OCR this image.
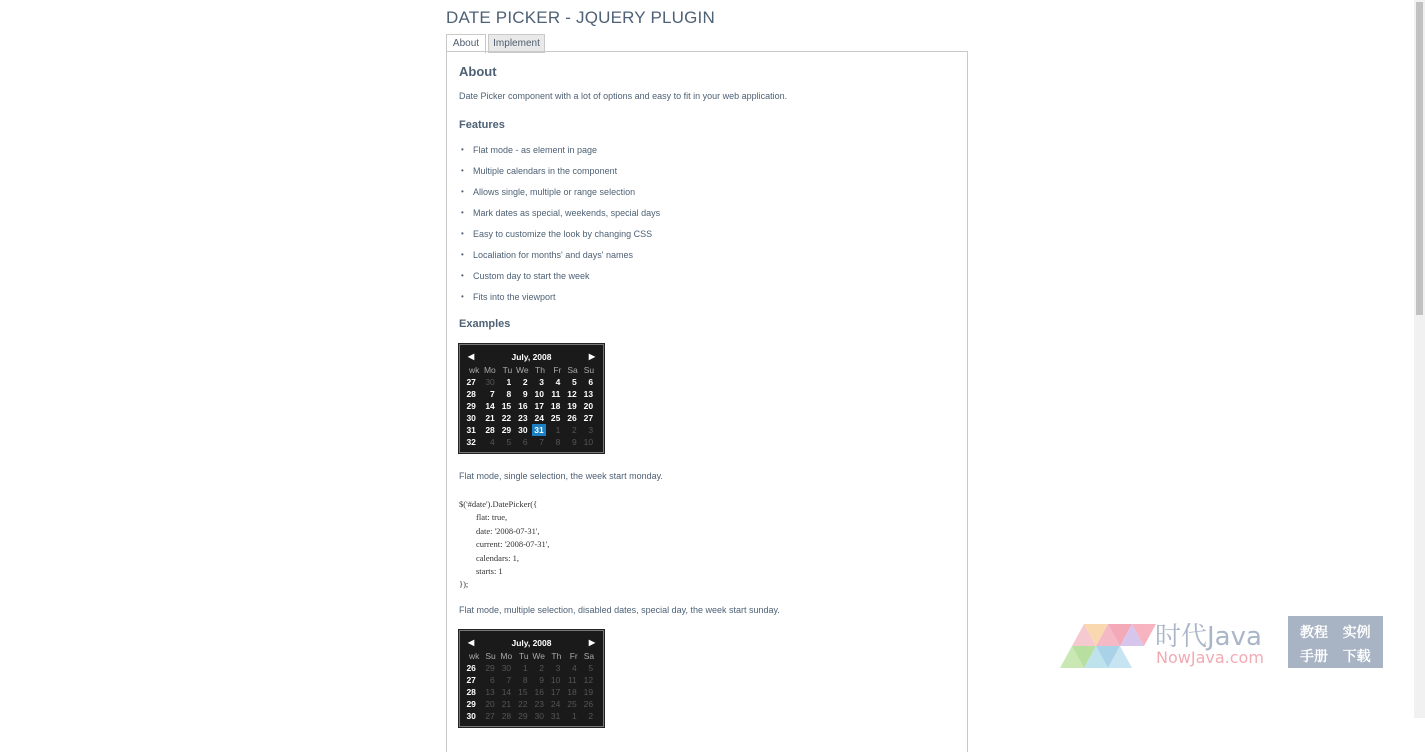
DATE PICKER - JQUERY PLUGIN
About	Implement
About

Date Picker component with a lot of options and easy to fit in your web application.

Features
• Flat mode - as element in page
• Multiple calendars in the component
• Allows single, multiple or range selection
• Mark dates as special, weekends, special days
• Easy to customize the look by changing CSS
• Localiation for months' and days' names
• Custom day to start the week
• Fits into the viewport
Examples
◀	July, 2008	▶
wk	Mo	Tu	We	Th	Fr	Sa	Su
27	30	1	2	3	4	5	6
28	7	8	9	10	11	12	13
29	14	15	16	17	18	19	20
30	21	22	23	24	25	26	27
31	28	29	30	31	1	2	3
32	4	5	6	7	8	9	10

Flat mode, single selection, the week start monday.

$('#date').DatePicker({
flat: true,
date: '2008-07-31',
current: '2008-07-31',
calendars: 1,
starts: 1
});

Flat mode, multiple selection, disabled dates, special day, the week start sunday.

◀	July, 2008	▶
wk	Su	Mo	Tu	We	Th	Fr	Sa
26	29	30	1	2	3	4	5
27	6	7	8	9	10	11	12
28	13	14	15	16	17	18	19
29	20	21	22	23	24	25	26
30	27	28	29	30	31	1	2
时代Java
NowJava.com
教程   实例
手册   下载
